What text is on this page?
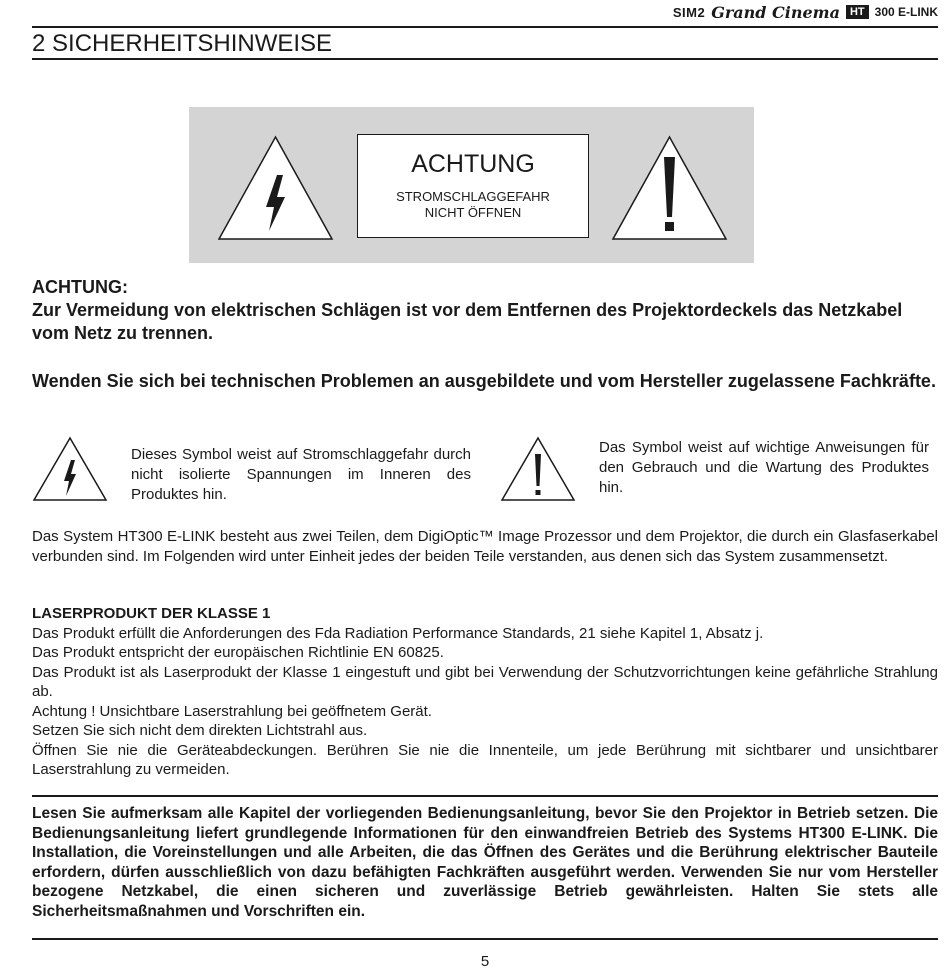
SIM2 Grand Cinema HT 300 E-LINK
2 SICHERHEITSHINWEISE
ACHTUNG
STROMSCHLAGGEFAHR
NICHT ÖFFNEN
ACHTUNG:
Zur Vermeidung von elektrischen Schlägen ist vor dem Entfernen des Projektordeckels das Netzkabel vom Netz zu trennen.
Wenden Sie sich bei technischen Problemen an ausgebildete und vom Hersteller zugelassene Fachkräfte.
Dieses Symbol weist auf Stromschlaggefahr durch nicht isolierte Spannungen im Inneren des Produktes hin.
Das Symbol weist auf wichtige Anweisungen für den Gebrauch und die Wartung des Produktes hin.
Das System HT300 E-LINK besteht aus zwei Teilen, dem DigiOptic™ Image Prozessor und dem Projektor, die durch ein Glasfaserkabel verbunden sind. Im Folgenden wird unter Einheit jedes der beiden Teile verstanden, aus denen sich das System zusammensetzt.
LASERPRODUKT DER KLASSE 1
Das Produkt erfüllt die Anforderungen des Fda Radiation Performance Standards, 21 siehe Kapitel 1, Absatz j.
Das Produkt entspricht der europäischen Richtlinie EN 60825.
Das Produkt ist als Laserprodukt der Klasse 1 eingestuft und gibt bei Verwendung der Schutzvorrichtungen keine gefährliche Strahlung ab.
Achtung ! Unsichtbare Laserstrahlung bei geöffnetem Gerät.
Setzen Sie sich nicht dem direkten Lichtstrahl aus.
Öffnen Sie nie die Geräteabdeckungen. Berühren Sie nie die Innenteile, um jede Berührung mit sichtbarer und unsichtbarer Laserstrahlung zu vermeiden.
Lesen Sie aufmerksam alle Kapitel der vorliegenden Bedienungsanleitung, bevor Sie den Projektor in Betrieb setzen. Die Bedienungsanleitung liefert grundlegende Informationen für den einwandfreien Betrieb des Systems HT300 E-LINK. Die Installation, die Voreinstellungen und alle Arbeiten, die das Öffnen des Gerätes und die Berührung elektrischer Bauteile erfordern, dürfen ausschließlich von dazu befähigten Fachkräften ausgeführt werden. Verwenden Sie nur vom Hersteller bezogene Netzkabel, die einen sicheren und zuverlässige Betrieb gewährleisten. Halten Sie stets alle Sicherheitsmaßnahmen und Vorschriften ein.
5
